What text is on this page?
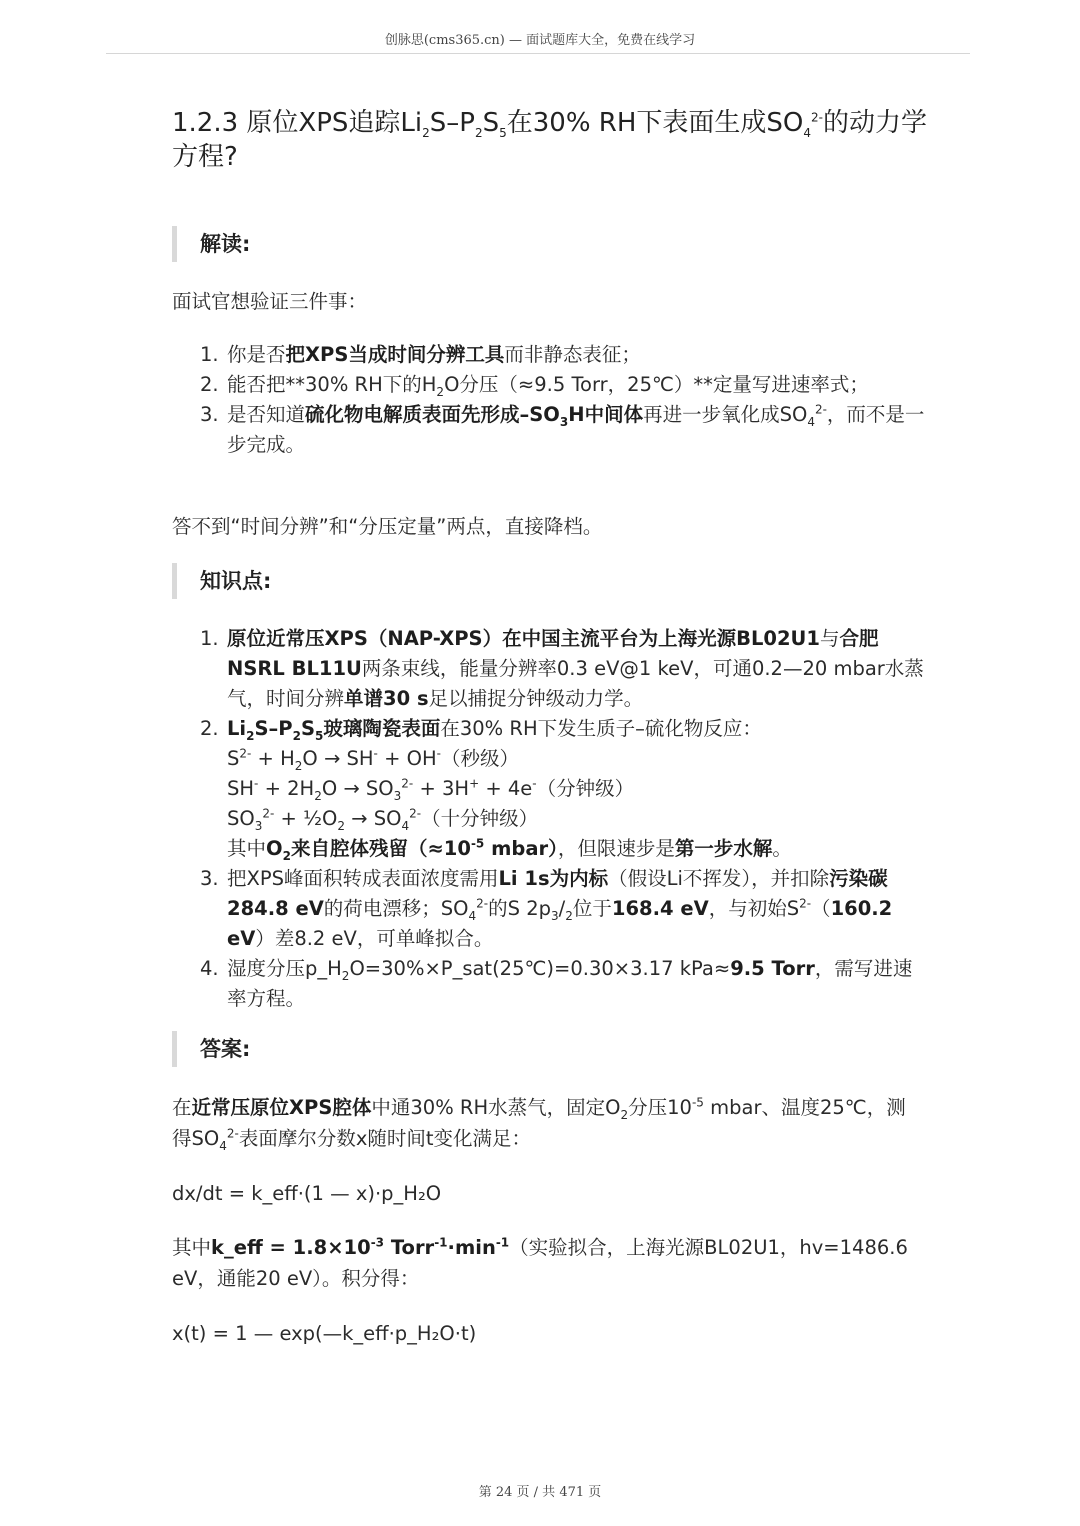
创脉思(cms365.cn) — 面试题库大全，免费在线学习
1.2.3 原位XPS追踪$Li_2S-P_2S_5$在30% RH下表面生成$SO_4^{2-}$的动力学方程?
解读:
面试官想验证三件事：
1. 你是否把XPS当成时间分辨工具而非静态表征；
2. 能否把**30% RH下的$H_2O$分压（≈9.5 Torr，25℃）**定量写进速率式；
3. 是否知道硫化物电解质表面先形成$-SO_3H$中间体再进一步氧化成$SO_4^{2-}$，而不是一步完成。
答不到“时间分辨”和“分压定量”两点，直接降档。
知识点:
1. 原位近常压XPS（NAP-XPS）在中国主流平台为上海光源BL02U1与合肥NSRL BL11U两条束线，能量分辨率0.3 eV@1 keV，可通0.2—20 mbar水蒸气，时间分辨单谱30 s足以捕捉分钟级动力学。
2. $Li_2S-P_2S_5$玻璃陶瓷表面在30% RH下发生质子–硫化物反应：
$S^{2-} + H_2O \to SH^- + OH^-$（秒级）
$SH^- + 2H_2O \to SO_3^{2-} + 3H^+ + 4e^-$（分钟级）
$SO_3^{2-}$ + $\frac{1}{2}O_2 \to SO_4^{2-}$（十分钟级）
其中$O_2$来自腔体残留（$\approx 10^{-5}$ mbar），但限速步是第一步水解。
3. 把XPS峰面积转成表面浓度需用Li 1s为内标（假设Li不挥发），并扣除污染碳284.8 eV的荷电漂移；$SO_4^{2-}$的S $2p_3/_2$位于168.4 eV，与初始$S^{2-}(160.2$ eV）差8.2 eV，可单峰拟合。
4. 湿度分压$p\_H_2O=30\%\times P\_sat(25℃)=0.30\times 3.17$ kPa≈9.5 Torr，需写进速率方程。
答案:
在近常压原位XPS腔体中通30% RH水蒸气，固定$O_2$分压$10^{-5}$ mbar、温度25℃，测得$SO_4^{2-}$表面摩尔分数x随时间t变化满足：
dx/dt = k_eff·(1 — x)·p_H₂O
其中k_eff = $1.8\times 10^{-3}$ $Torr^{-1}\cdot\min^{-1}$（实验拟合，上海光源BL02U1，hv=1486.6 eV，通能20 eV）。积分得：
x(t) = 1 — exp(—k_eff·p_H₂O·t)
第 24 页 / 共 471 页
